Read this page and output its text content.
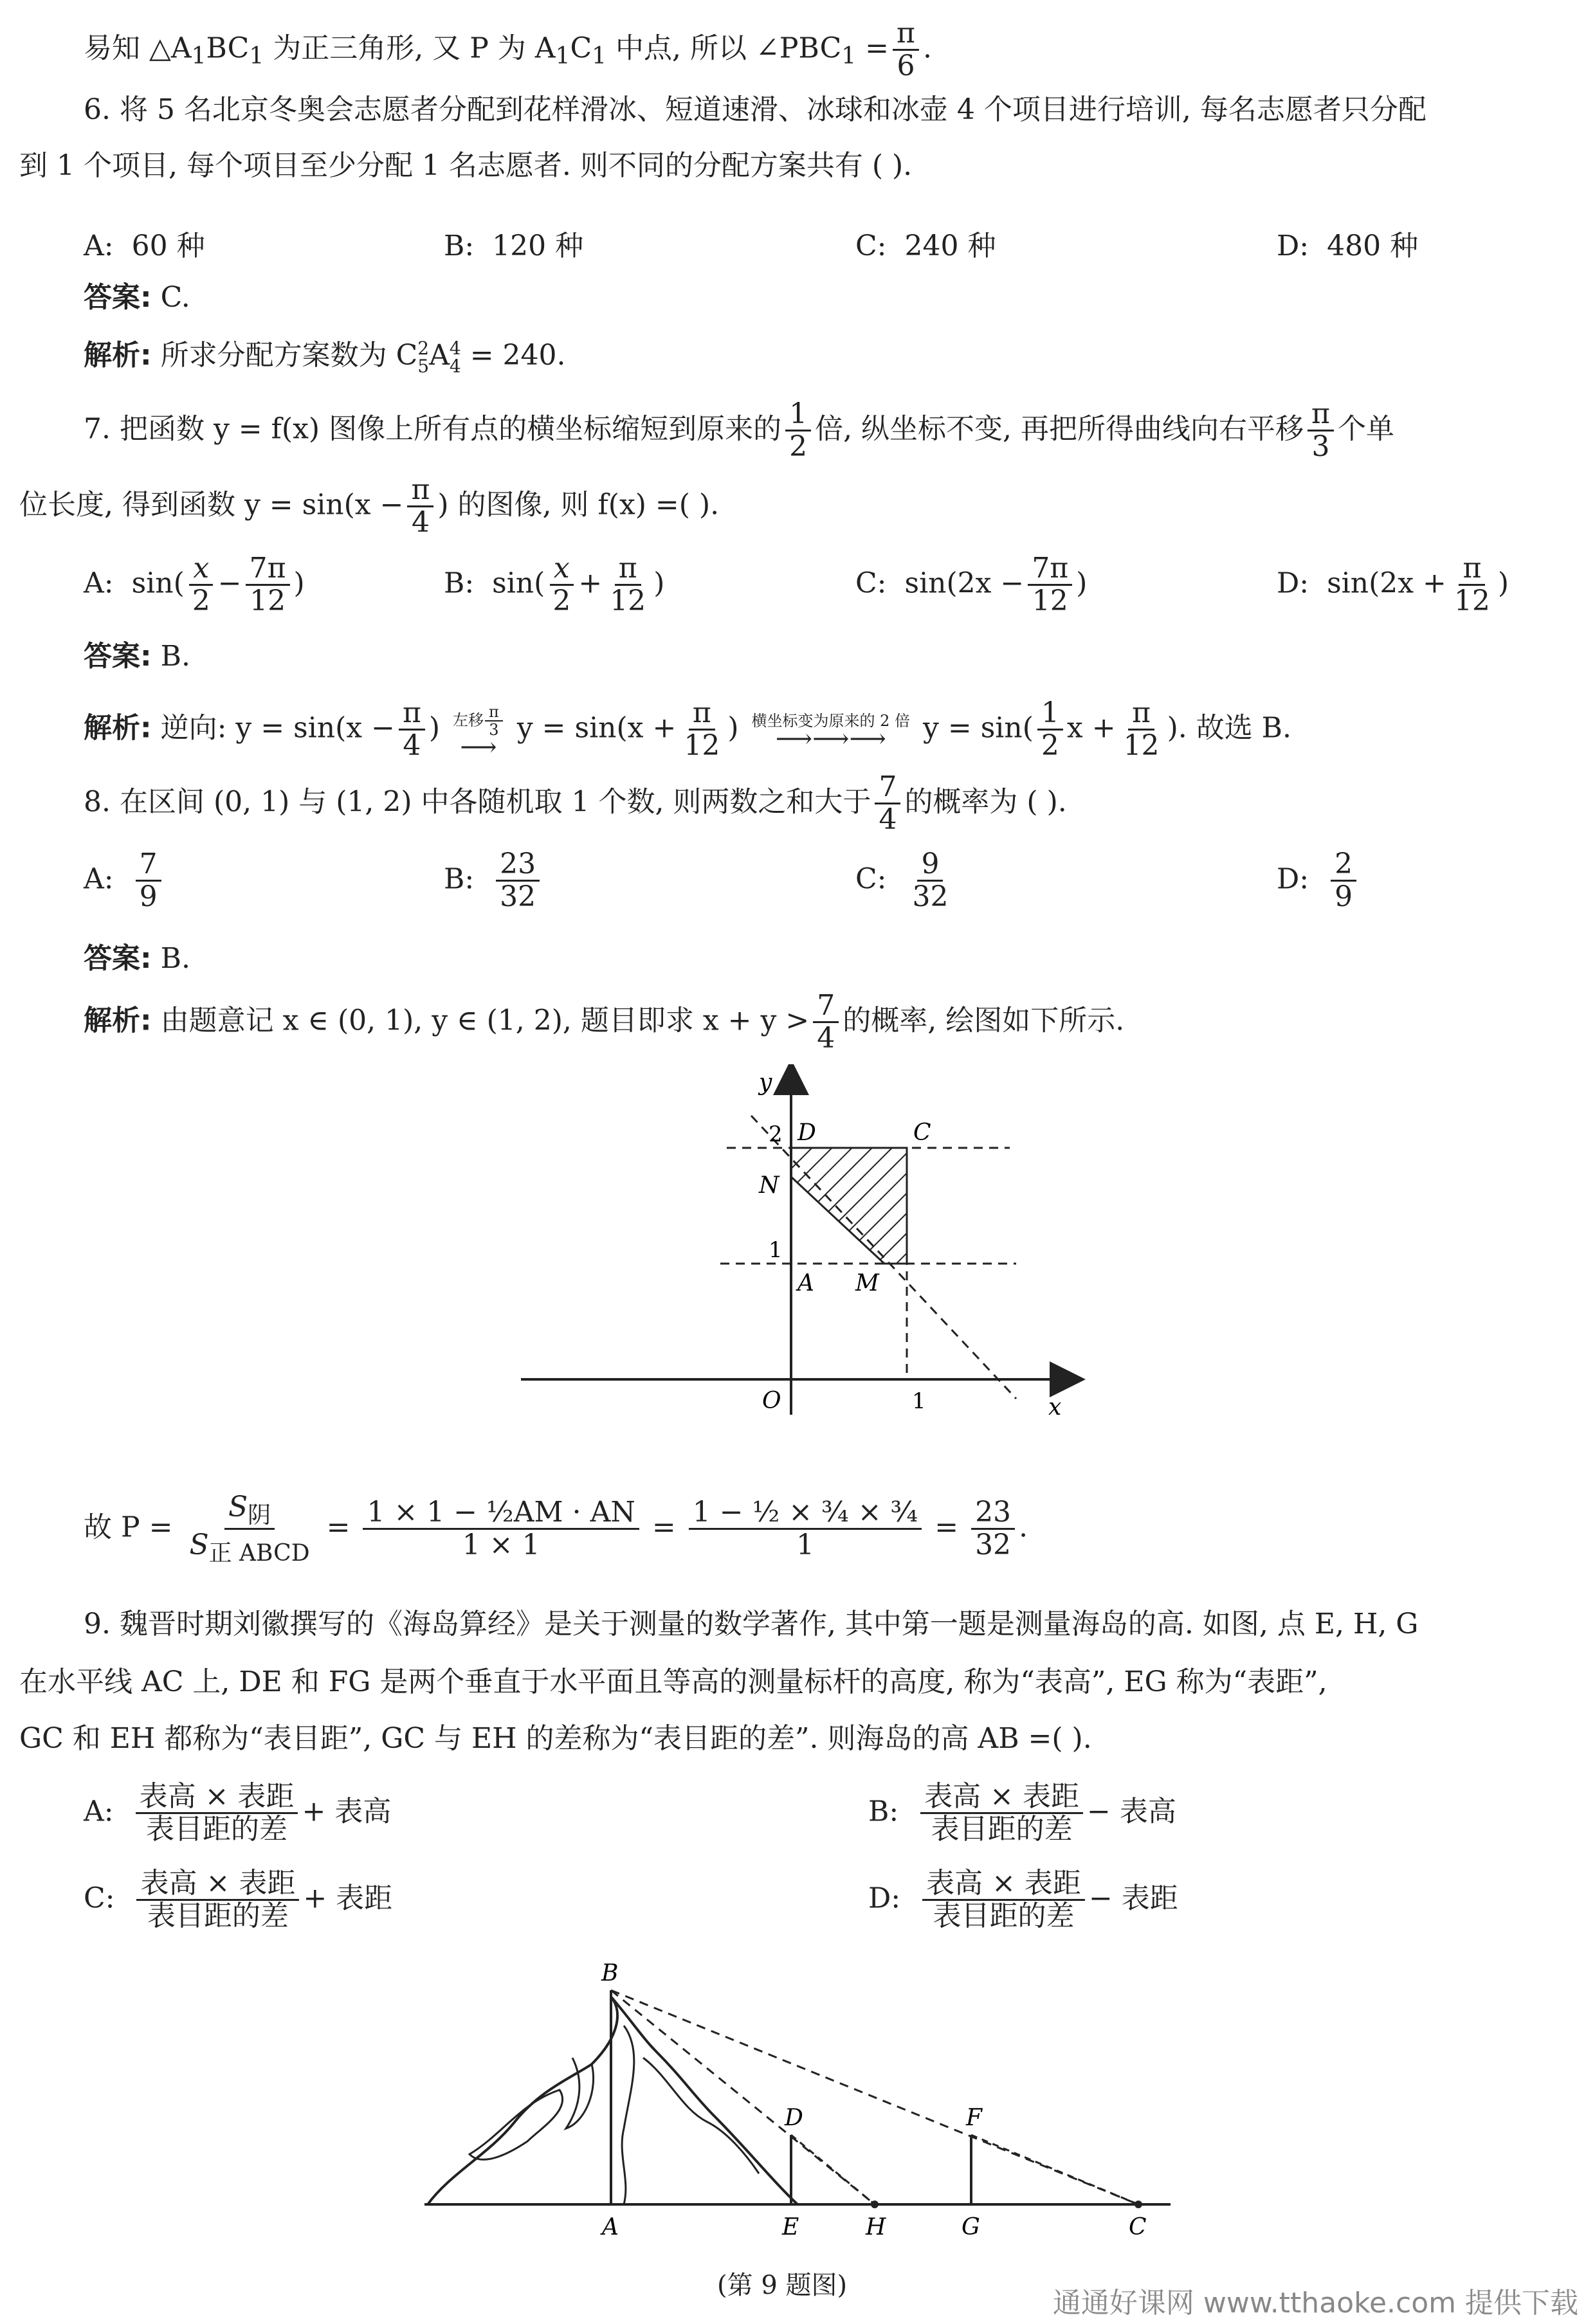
易知 $\triangle A_1BC_1$ 为正三角形, 又 P 为 $A_1C_1$ 中点, 所以 $\angle PBC_1 = \frac{\pi}{6}$ .
6. 将 5 名北京冬奥会志愿者分配到花样滑冰、短道速滑、冰球和冰壶 4 个项目进行培训, 每名志愿者只分配
到 1 个项目, 每个项目至少分配 1 名志愿者. 则不同的分配方案共有 ( ).
A: 60 种	B: 120 种	C: 240 种	D: 480 种
答案: C.
解析: 所求分配方案数为 C 2
5 A 4
4 = 240.
7. 把函数 y = f(x) 图像上所有点的横坐标缩短到原来的 $\frac{1}{2}$ 倍, 纵坐标不变, 再把所得曲线向右平移 $\frac{\pi}{3}$ 个单
位长度, 得到函数 $y = \sin(x - \frac{\pi}{4}$ ) 的图像, 则 f(x) =( ).
A: $\sin( \frac{x}{2} - \frac{7\pi}{12}$ )	B: $\sin( \frac{x}{2} + \frac{\pi}{12}$ )	C: $\sin(2x - \frac{7\pi}{12}$ )	D: $\sin(2x + \frac{\pi}{12}$ )
答案: B.
解析: 逆向: $y = \sin(x - \frac{\pi}{4}$ ) 左移 $\frac{\pi}{3}$
⟶
$y = \sin(x + \frac{\pi}{12}$ ) 横坐标变为原来的 2 倍
⟶⟶⟶ $y = \sin( \frac{1}{2}$ $x + \frac{\pi}{12}$ ). 故选 B.
8. 在区间 (0, 1) 与 (1, 2) 中各随机取 1 个数, 则两数之和大于 $\frac{7}{4}$ 的概率为 ( ).
A: $\frac{7}{9}$	B: $\frac{23}{32}$	C: $\frac{9}{32}$	D: $\frac{2}{9}$
答案: B.
解析: 由题意记 x ∈ (0, 1), y ∈ (1, 2), 题目即求 $x + y > \frac{7}{4}$ 的概率, 绘图如下所示.
y
x
O
2
1
1
D	C
N
A M
故 $P = \frac{S_阴}{S_{正 ABCD}} = \frac{\text{1 × 1 − ½AM · AN}}{1 \times 1} = \frac{\text{1 − ½ × ¾ × ¾}}{1} = \frac{23}{32}$ .
9. 魏晋时期刘徽撰写的《海岛算经》是关于测量的数学著作, 其中第一题是测量海岛的高. 如图, 点 E, H, G
在水平线 AC 上, DE 和 FG 是两个垂直于水平面且等高的测量标杆的高度, 称为“表高”, EG 称为“表距”,
GC 和 EH 都称为“表目距”, GC 与 EH 的差称为“表目距的差”. 则海岛的高 AB =( ).
A: $\frac{\text{表高 × 表距}}{\text{表目距的差}}$ + 表高	B: $\frac{\text{表高 × 表距}}{\text{表目距的差}}$ − 表高
C: $\frac{\text{表高 × 表距}}{\text{表目距的差}}$ + 表距	D: $\frac{\text{表高 × 表距}}{\text{表目距的差}}$ − 表距
B
A
D	F
E	H	G	C
(第 9 题图)
通通好课网 www.tthaoke.com 提供下载
